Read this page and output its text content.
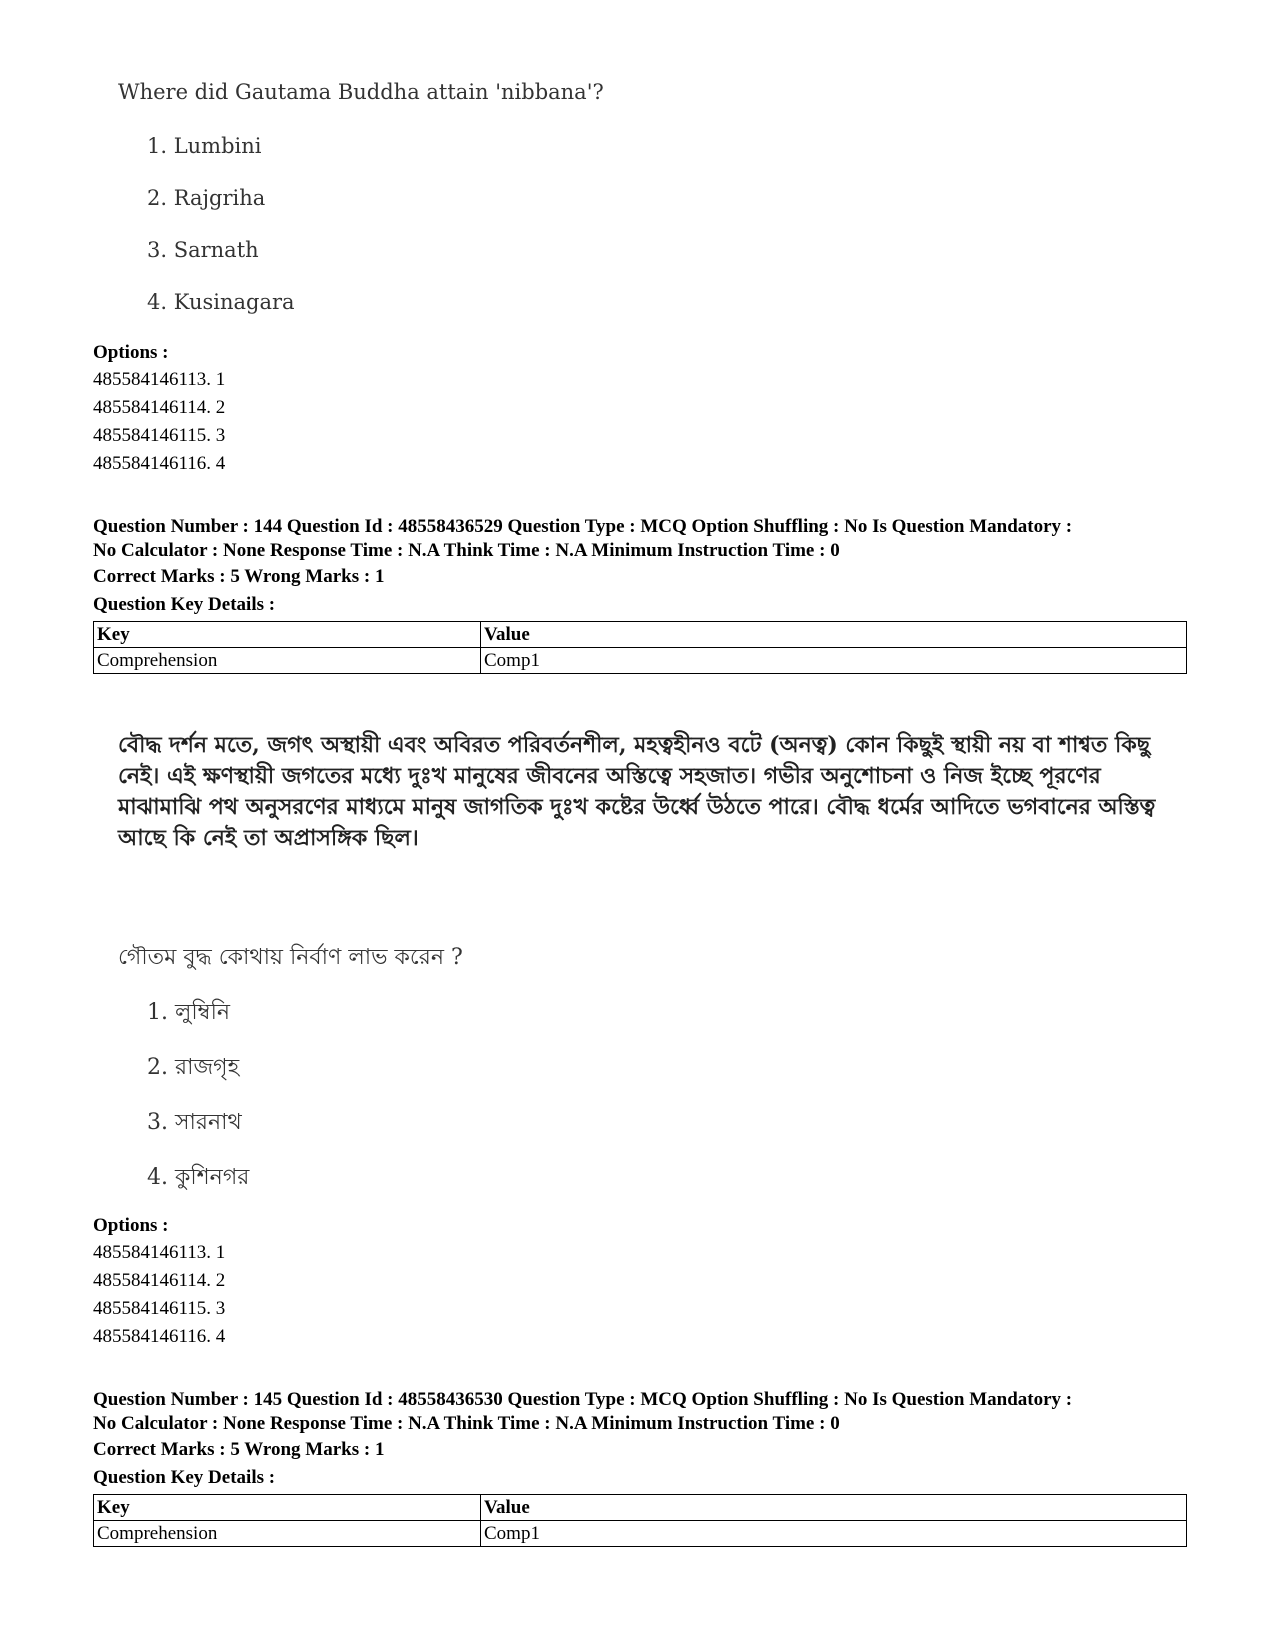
Where did Gautama Buddha attain 'nibbana'?
1. Lumbini
2. Rajgriha
3. Sarnath
4. Kusinagara
Options :
485584146113. 1
485584146114. 2
485584146115. 3
485584146116. 4
Question Number : 144 Question Id : 48558436529 Question Type : MCQ Option Shuffling : No Is Question Mandatory :
No Calculator : None Response Time : N.A Think Time : N.A Minimum Instruction Time : 0
Correct Marks : 5 Wrong Marks : 1
Question Key Details :
Key	Value
Comprehension	Comp1
বৌদ্ধ দর্শন মতে, জগৎ অস্থায়ী এবং অবিরত পরিবর্তনশীল, মহত্বহীনও বটে (অনত্ব) কোন কিছুই স্থায়ী নয় বা শাশ্বত কিছু নেই। এই ক্ষণস্থায়ী জগতের মধ্যে দুঃখ মানুষের জীবনের অস্তিত্বে সহজাত। গভীর অনুশোচনা ও নিজ ইচ্ছে পূরণের মাঝামাঝি পথ অনুসরণের মাধ্যমে মানুষ জাগতিক দুঃখ কষ্টের উর্ধ্বে উঠতে পারে। বৌদ্ধ ধর্মের আদিতে ভগবানের অস্তিত্ব আছে কি নেই তা অপ্রাসঙ্গিক ছিল।
গৌতম বুদ্ধ কোথায় নির্বাণ লাভ করেন ?
1. লুম্বিনি
2. রাজগৃহ
3. সারনাথ
4. কুশিনগর
Options :
485584146113. 1
485584146114. 2
485584146115. 3
485584146116. 4
Question Number : 145 Question Id : 48558436530 Question Type : MCQ Option Shuffling : No Is Question Mandatory :
No Calculator : None Response Time : N.A Think Time : N.A Minimum Instruction Time : 0
Correct Marks : 5 Wrong Marks : 1
Question Key Details :
Key	Value
Comprehension	Comp1
